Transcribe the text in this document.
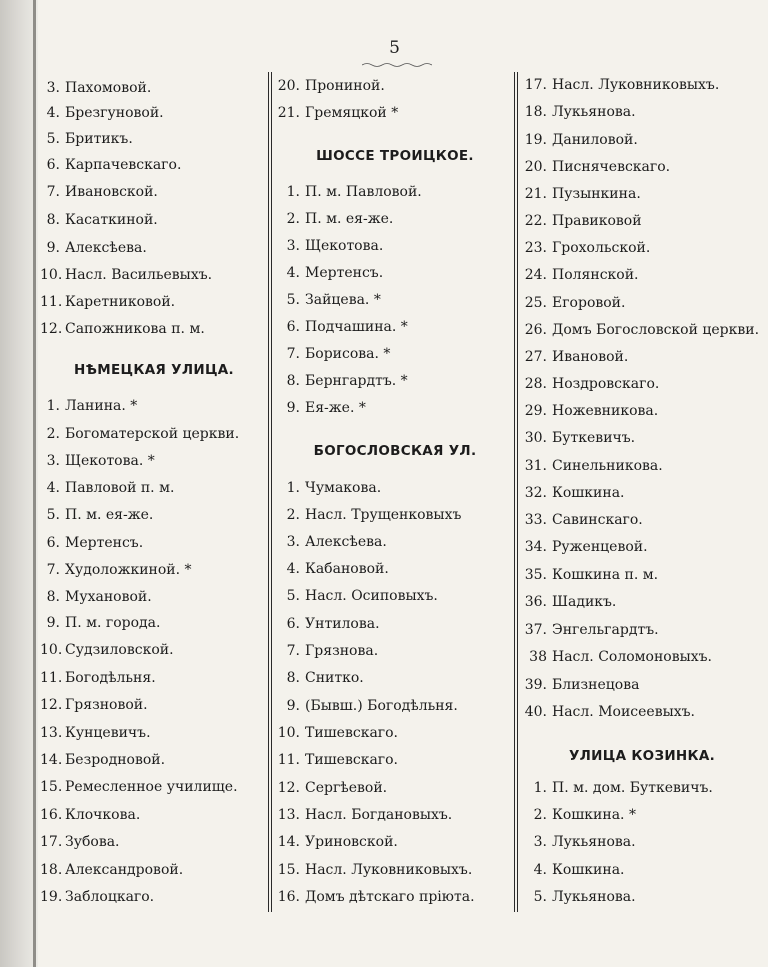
5
3. Пахомовой.
4. Брезгуновой.
5. Бритикъ.
6. Карпачевскаго.
7. Ивановской.
8. Касаткиной.
9. Алексѣева.
10. Насл. Васильевыхъ.
11. Каретниковой.
12. Сапожникова п. м.
НѢМЕЦКАЯ УЛИЦА.
1. Ланина. *
2. Богоматерской церкви.
3. Щекотова. *
4. Павловой п. м.
5. П. м. ея-же.
6. Мертенсъ.
7. Худоложкиной. *
8. Мухановой.
9. П. м. города.
10. Судзиловской.
11. Богодѣльня.
12. Грязновой.
13. Кунцевичъ.
14. Безродновой.
15. Ремесленное училище.
16. Клочкова.
17. Зубова.
18. Александровой.
19. Заблоцкаго.
20. Прониной.
21. Гремяцкой *
ШОССЕ ТРОИЦКОЕ.
1. П. м. Павловой.
2. П. м. ея-же.
3. Щекотова.
4. Мертенсъ.
5. Зайцева. *
6. Подчашина. *
7. Борисова. *
8. Бернгардтъ. *
9. Ея-же. *
БОГОСЛОВСКАЯ УЛ.
1. Чумакова.
2. Насл. Трущенковыхъ
3. Алексѣева.
4. Кабановой.
5. Насл. Осиповыхъ.
6. Унтилова.
7. Грязнова.
8. Снитко.
9. (Бывш.) Богодѣльня.
10. Тишевскаго.
11. Тишевскаго.
12. Сергѣевой.
13. Насл. Богдановыхъ.
14. Уриновской.
15. Насл. Луковниковыхъ.
16. Домъ дѣтскаго пріюта.
17. Насл. Луковниковыхъ.
18. Лукьянова.
19. Даниловой.
20. Писнячевскаго.
21. Пузынкина.
22. Правиковой
23. Грохольской.
24. Полянской.
25. Егоровой.
26. Домъ Богословской церкви.
27. Ивановой.
28. Ноздровскаго.
29. Ножевникова.
30. Буткевичъ.
31. Синельникова.
32. Кошкина.
33. Савинскаго.
34. Руженцевой.
35. Кошкина п. м.
36. Шадикъ.
37. Энгельгардтъ.
38 Насл. Соломоновыхъ.
39. Близнецова
40. Насл. Моисеевыхъ.
УЛИЦА КОЗИНКА.
1. П. м. дом. Буткевичъ.
2. Кошкина. *
3. Лукьянова.
4. Кошкина.
5. Лукьянова.
